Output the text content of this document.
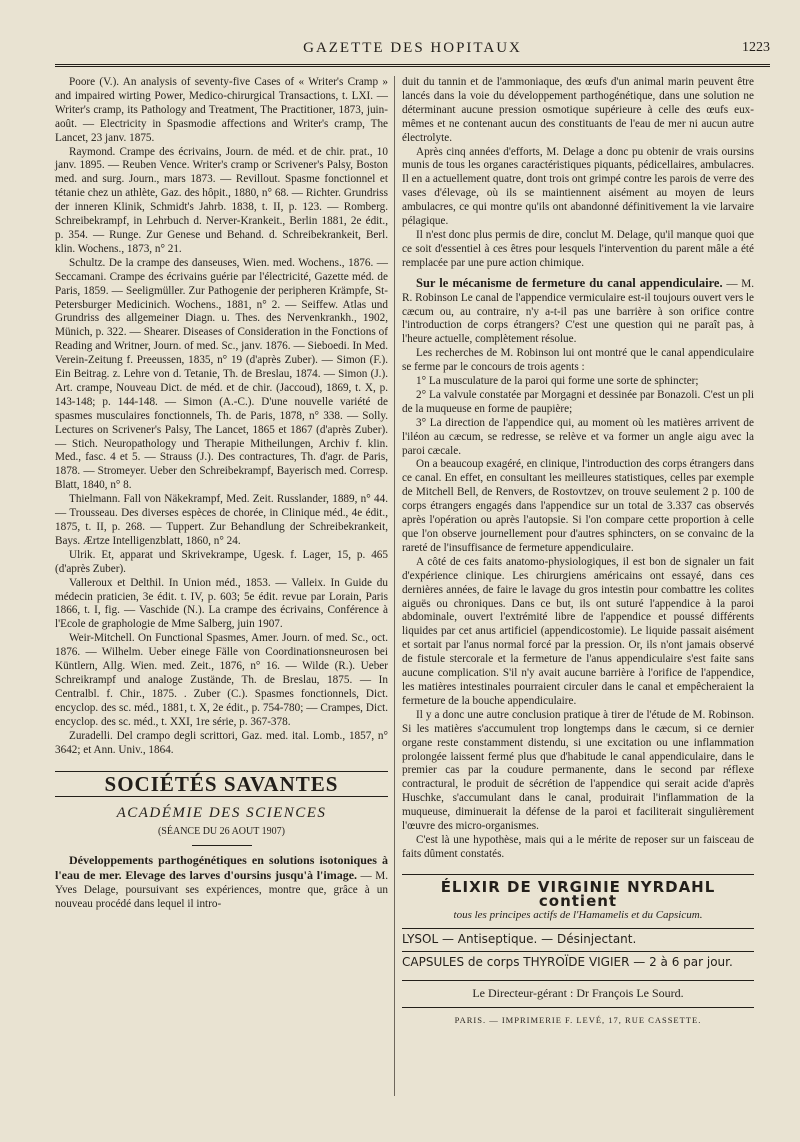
GAZETTE DES HOPITAUX	1223

Poore (V.). An analysis of seventy-five Cases of « Writer's Cramp » and impaired wirting Power, Medico-chirurgical Transactions, t. LXI. — Writer's cramp, its Pathology and Treatment, The Practitioner, 1873, juin-août. — Electricity in Spasmodie affections and Writer's cramp, The Lancet, 23 janv. 1875.

Raymond. Crampe des écrivains, Journ. de méd. et de chir. prat., 10 janv. 1895. — Reuben Vence. Writer's cramp or Scrivener's Palsy, Boston med. and surg. Journ., mars 1873. — Revillout. Spasme fonctionnel et tétanie chez un athlète, Gaz. des hôpit., 1880, n° 68. — Richter. Grundriss der inneren Klinik, Schmidt's Jahrb. 1838, t. II, p. 123. — Romberg. Schreibekrampf, in Lehrbuch d. Nerver-Krankeit., Berlin 1881, 2e édit., p. 354. — Runge. Zur Genese und Behand. d. Schreibekrankeit, Berl. klin. Wochens., 1873, n° 21.

Schultz. De la crampe des danseuses, Wien. med. Wochens., 1876. — Seccamani. Crampe des écrivains guérie par l'électricité, Gazette méd. de Paris, 1859. — Seeligmüller. Zur Pathogenie der peripheren Krämpfe, St-Petersburger Medicinich. Wochens., 1881, n° 2. — Seiffew. Atlas und Grundriss des allgemeiner Diagn. u. Thes. des Nervenkrankh., 1902, Münich, p. 322. — Shearer. Diseases of Consideration in the Fonctions of Reading and Writner, Journ. of med. Sc., janv. 1876. — Sieboedi. In Med. Verein-Zeitung f. Preeussen, 1835, n° 19 (d'après Zuber). — Simon (F.). Ein Beitrag. z. Lehre von d. Tetanie, Th. de Breslau, 1874. — Simon (J.). Art. crampe, Nouveau Dict. de méd. et de chir. (Jaccoud), 1869, t. X, p. 143-148; p. 144-148. — Simon (A.-C.). D'une nouvelle variété de spasmes musculaires fonctionnels, Th. de Paris, 1878, n° 338. — Solly. Lectures on Scrivener's Palsy, The Lancet, 1865 et 1867 (d'après Zuber). — Stich. Neuropathology und Therapie Mitheilungen, Archiv f. klin. Med., fasc. 4 et 5. — Strauss (J.). Des contractures, Th. d'agr. de Paris, 1878. — Stromeyer. Ueber den Schreibekrampf, Bayerisch med. Corresp. Blatt, 1840, n° 8.

Thielmann. Fall von Näkekrampf, Med. Zeit. Russlander, 1889, n° 44. — Trousseau. Des diverses espèces de chorée, in Clinique méd., 4e édit., 1875, t. II, p. 268. — Tuppert. Zur Behandlung der Schreibekrankeit, Bays. Ærtze Intelligenzblatt, 1860, n° 24.

Ulrik. Et, apparat und Skrivekrampe, Ugesk. f. Lager, 15, p. 465 (d'après Zuber).

Valleroux et Delthil. In Union méd., 1853. — Valleix. In Guide du médecin praticien, 3e édit. t. IV, p. 603; 5e édit. revue par Lorain, Paris 1866, t. I, fig. — Vaschide (N.). La crampe des écrivains, Conférence à l'Ecole de graphologie de Mme Salberg, juin 1907.

Weir-Mitchell. On Functional Spasmes, Amer. Journ. of med. Sc., oct. 1876. — Wilhelm. Ueber einege Fälle von Coordinationsneurosen bei Küntlern, Allg. Wien. med. Zeit., 1876, n° 16. — Wilde (R.). Ueber Schreikrampf und analoge Zustände, Th. de Breslau, 1875. — In Centralbl. f. Chir., 1875. . Zuber (C.). Spasmes fonctionnels, Dict. encyclop. des sc. méd., 1881, t. X, 2e édit., p. 754-780; — Crampes, Dict. encyclop. des sc. méd., t. XXI, 1re série, p. 367-378.

Zuradelli. Del crampo degli scrittori, Gaz. med. ital. Lomb., 1857, n° 3642; et Ann. Univ., 1864.

SOCIÉTÉS SAVANTES
ACADÉMIE DES SCIENCES
(SÉANCE DU 26 AOUT 1907)

Développements parthogénétiques en solutions isotoniques à l'eau de mer. Elevage des larves d'oursins jusqu'à l'image. — M. Yves Delage, poursuivant ses expériences, montre que, grâce à un nouveau procédé dans lequel il intro-

duit du tannin et de l'ammoniaque, des œufs d'un animal marin peuvent être lancés dans la voie du développement parthogénétique, dans une solution ne déterminant aucune pression osmotique supérieure à celle des œufs eux-mêmes et ne contenant aucun des constituants de l'eau de mer ni aucun autre électrolyte.

Après cinq années d'efforts, M. Delage a donc pu obtenir de vrais oursins munis de tous les organes caractéristiques piquants, pédicellaires, ambulacres. Il en a actuellement quatre, dont trois ont grimpé contre les parois de verre des vases d'élevage, où ils se maintiennent aisément au moyen de leurs ambulacres, ce qui montre qu'ils ont abandonné définitivement la vie larvaire pélagique.

Il n'est donc plus permis de dire, conclut M. Delage, qu'il manque quoi que ce soit d'essentiel à ces êtres pour lesquels l'intervention du parent mâle a été remplacée par une pure action chimique.

Sur le mécanisme de fermeture du canal appendiculaire. — M. R. Robinson Le canal de l'appendice vermiculaire est-il toujours ouvert vers le cæcum ou, au contraire, n'y a-t-il pas une barrière à son orifice contre l'introduction de corps étrangers? C'est une question qui ne paraît pas, à l'heure actuelle, complètement résolue.

Les recherches de M. Robinson lui ont montré que le canal appendiculaire se ferme par le concours de trois agents :

1° La musculature de la paroi qui forme une sorte de sphincter;

2° La valvule constatée par Morgagni et dessinée par Bonazoli. C'est un pli de la muqueuse en forme de paupière;

3° La direction de l'appendice qui, au moment où les matières arrivent de l'iléon au cæcum, se redresse, se relève et va former un angle aigu avec la paroi cæcale.

On a beaucoup exagéré, en clinique, l'introduction des corps étrangers dans ce canal. En effet, en consultant les meilleures statistiques, celles par exemple de Mitchell Bell, de Renvers, de Rostovtzev, on trouve seulement 2 p. 100 de corps étrangers engagés dans l'appendice sur un total de 3.337 cas observés après l'opération ou après l'autopsie. Si l'on compare cette proportion à celle que l'on observe journellement pour d'autres sphincters, on se convainc de la rareté de l'insuffisance de fermeture appendiculaire.

A côté de ces faits anatomo-physiologiques, il est bon de signaler un fait d'expérience clinique. Les chirurgiens américains ont essayé, dans ces dernières années, de faire le lavage du gros intestin pour combattre les colites aiguës ou chroniques. Dans ce but, ils ont suturé l'appendice à la paroi abdominale, ouvert l'extrémité libre de l'appendice et poussé différents liquides par cet anus artificiel (appendicostomie). Le liquide passait aisément et sortait par l'anus normal forcé par la pression. Or, ils n'ont jamais observé de fistule stercorale et la fermeture de l'anus appendiculaire s'est faite sans aucune complication. S'il n'y avait aucune barrière à l'orifice de l'appendice, les matières intestinales pourraient circuler dans le canal et empêcheraient la fermeture de la bouche appendiculaire.

Il y a donc une autre conclusion pratique à tirer de l'étude de M. Robinson. Si les matières s'accumulent trop longtemps dans le cæcum, si ce dernier organe reste constamment distendu, si une excitation ou une inflammation prolongée laissent fermé plus que d'habitude le canal appendiculaire, dans le premier cas par la coudure permanente, dans le second par réflexe contractural, le produit de sécrétion de l'appendice qui serait acide d'après Huschke, s'accumulant dans le canal, produirait l'inflammation de la muqueuse, diminuerait la défense de la paroi et faciliterait singulièrement l'œuvre des micro-organismes.

C'est là une hypothèse, mais qui a le mérite de reposer sur un faisceau de faits dûment constatés.

ÉLIXIR DE VIRGINIE NYRDAHL contient
tous les principes actifs de l'Hamamelis et du Capsicum.
LYSOL — Antiseptique. — Désinjectant.
CAPSULES de corps THYROÏDE VIGIER — 2 à 6 par jour.
Le Directeur-gérant : Dr François Le Sourd.
PARIS. — IMPRIMERIE F. LEVÉ, 17, RUE CASSETTE.
